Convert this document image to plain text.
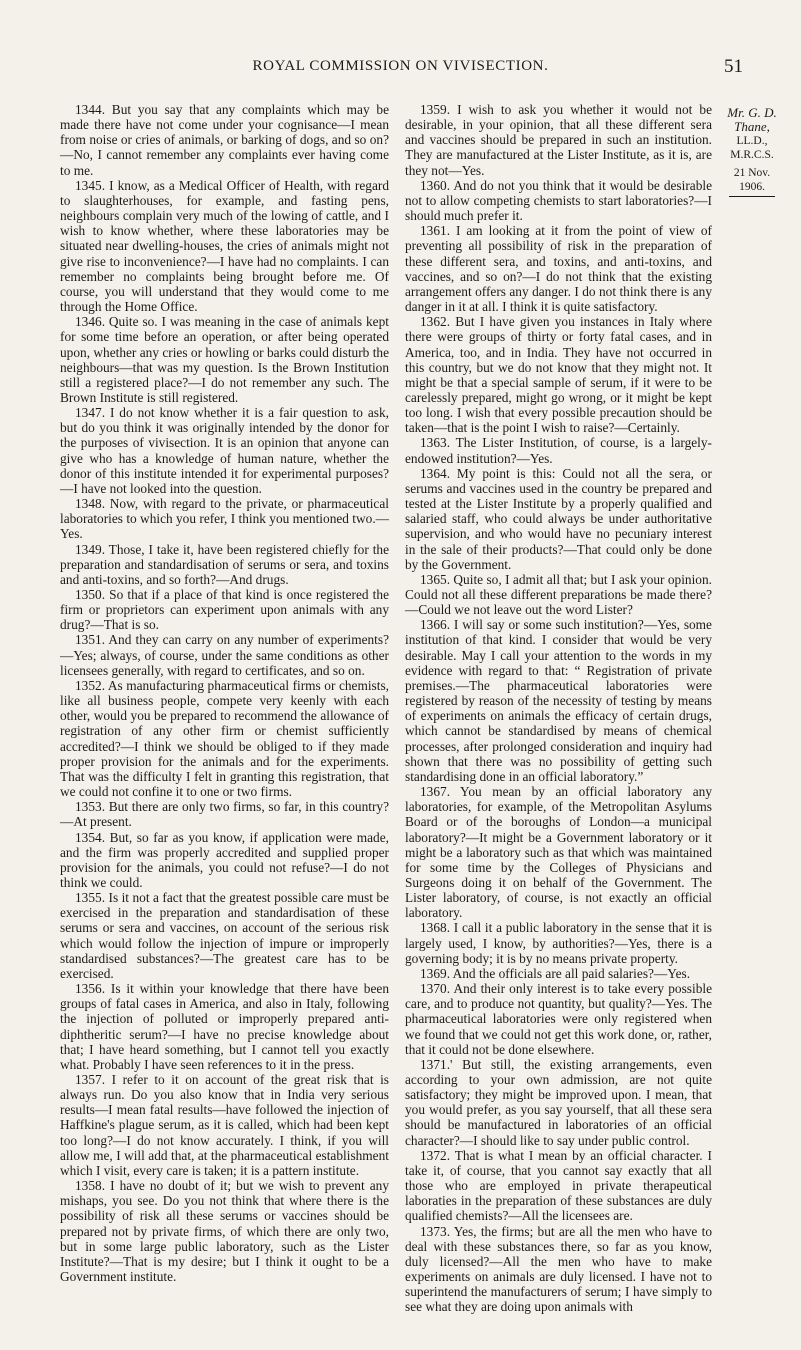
ROYAL COMMISSION ON VIVISECTION.	51

1344. But you say that any complaints which may be made there have not come under your cognisance—I mean from noise or cries of animals, or barking of dogs, and so on?—No, I cannot remember any complaints ever having come to me.

1345. I know, as a Medical Officer of Health, with regard to slaughterhouses, for example, and fasting pens, neighbours complain very much of the lowing of cattle, and I wish to know whether, where these laboratories may be situated near dwelling-houses, the cries of animals might not give rise to inconvenience?—I have had no complaints. I can remember no complaints being brought before me. Of course, you will understand that they would come to me through the Home Office.

1346. Quite so. I was meaning in the case of animals kept for some time before an operation, or after being operated upon, whether any cries or howling or barks could disturb the neighbours—that was my question. Is the Brown Institution still a registered place?—I do not remember any such. The Brown Institute is still registered.

1347. I do not know whether it is a fair question to ask, but do you think it was originally intended by the donor for the purposes of vivisection. It is an opinion that anyone can give who has a knowledge of human nature, whether the donor of this institute intended it for experimental purposes?—I have not looked into the question.

1348. Now, with regard to the private, or pharmaceutical laboratories to which you refer, I think you mentioned two.—Yes.

1349. Those, I take it, have been registered chiefly for the preparation and standardisation of serums or sera, and toxins and anti-toxins, and so forth?—And drugs.

1350. So that if a place of that kind is once registered the firm or proprietors can experiment upon animals with any drug?—That is so.

1351. And they can carry on any number of experiments?—Yes; always, of course, under the same conditions as other licensees generally, with regard to certificates, and so on.

1352. As manufacturing pharmaceutical firms or chemists, like all business people, compete very keenly with each other, would you be prepared to recommend the allowance of registration of any other firm or chemist sufficiently accredited?—I think we should be obliged to if they made proper provision for the animals and for the experiments. That was the difficulty I felt in granting this registration, that we could not confine it to one or two firms.

1353. But there are only two firms, so far, in this country?—At present.

1354. But, so far as you know, if application were made, and the firm was properly accredited and supplied proper provision for the animals, you could not refuse?—I do not think we could.

1355. Is it not a fact that the greatest possible care must be exercised in the preparation and standardisation of these serums or sera and vaccines, on account of the serious risk which would follow the injection of impure or improperly standardised substances?—The greatest care has to be exercised.

1356. Is it within your knowledge that there have been groups of fatal cases in America, and also in Italy, following the injection of polluted or improperly prepared anti-diphtheritic serum?—I have no precise knowledge about that; I have heard something, but I cannot tell you exactly what. Probably I have seen references to it in the press.

1357. I refer to it on account of the great risk that is always run. Do you also know that in India very serious results—I mean fatal results—have followed the injection of Haffkine's plague serum, as it is called, which had been kept too long?—I do not know accurately. I think, if you will allow me, I will add that, at the pharmaceutical establishment which I visit, every care is taken; it is a pattern institute.

1358. I have no doubt of it; but we wish to prevent any mishaps, you see. Do you not think that where there is the possibility of risk all these serums or vaccines should be prepared not by private firms, of which there are only two, but in some large public laboratory, such as the Lister Institute?—That is my desire; but I think it ought to be a Government institute.

1359. I wish to ask you whether it would not be desirable, in your opinion, that all these different sera and vaccines should be prepared in such an institution. They are manufactured at the Lister Institute, as it is, are they not—Yes.

1360. And do not you think that it would be desirable not to allow competing chemists to start laboratories?—I should much prefer it.

1361. I am looking at it from the point of view of preventing all possibility of risk in the preparation of these different sera, and toxins, and anti-toxins, and vaccines, and so on?—I do not think that the existing arrangement offers any danger. I do not think there is any danger in it at all. I think it is quite satisfactory.

1362. But I have given you instances in Italy where there were groups of thirty or forty fatal cases, and in America, too, and in India. They have not occurred in this country, but we do not know that they might not. It might be that a special sample of serum, if it were to be carelessly prepared, might go wrong, or it might be kept too long. I wish that every possible precaution should be taken—that is the point I wish to raise?—Certainly.

1363. The Lister Institution, of course, is a largely-endowed institution?—Yes.

1364. My point is this: Could not all the sera, or serums and vaccines used in the country be prepared and tested at the Lister Institute by a properly qualified and salaried staff, who could always be under authoritative supervision, and who would have no pecuniary interest in the sale of their products?—That could only be done by the Government.

1365. Quite so, I admit all that; but I ask your opinion. Could not all these different preparations be made there?—Could we not leave out the word Lister?

1366. I will say or some such institution?—Yes, some institution of that kind. I consider that would be very desirable. May I call your attention to the words in my evidence with regard to that: “ Registration of private premises.—The pharmaceutical laboratories were registered by reason of the necessity of testing by means of experiments on animals the efficacy of certain drugs, which cannot be standardised by means of chemical processes, after prolonged consideration and inquiry had shown that there was no possibility of getting such standardising done in an official laboratory.”

1367. You mean by an official laboratory any laboratories, for example, of the Metropolitan Asylums Board or of the boroughs of London—a municipal laboratory?—It might be a Government laboratory or it might be a laboratory such as that which was maintained for some time by the Colleges of Physicians and Surgeons doing it on behalf of the Government. The Lister laboratory, of course, is not exactly an official laboratory.

1368. I call it a public laboratory in the sense that it is largely used, I know, by authorities?—Yes, there is a governing body; it is by no means private property.

1369. And the officials are all paid salaries?—Yes.

1370. And their only interest is to take every possible care, and to produce not quantity, but quality?—Yes. The pharmaceutical laboratories were only registered when we found that we could not get this work done, or, rather, that it could not be done elsewhere.

1371.' But still, the existing arrangements, even according to your own admission, are not quite satisfactory; they might be improved upon. I mean, that you would prefer, as you say yourself, that all these sera should be manufactured in laboratories of an official character?—I should like to say under public control.

1372. That is what I mean by an official character. I take it, of course, that you cannot say exactly that all those who are employed in private therapeutical laboraties in the preparation of these substances are duly qualified chemists?—All the licensees are.

1373. Yes, the firms; but are all the men who have to deal with these substances there, so far as you know, duly licensed?—All the men who have to make experiments on animals are duly licensed. I have not to superintend the manufacturers of serum; I have simply to see what they are doing upon animals with

Mr. G. D.
Thane,
LL.D.,
M.R.C.S.
21 Nov. 1906.
